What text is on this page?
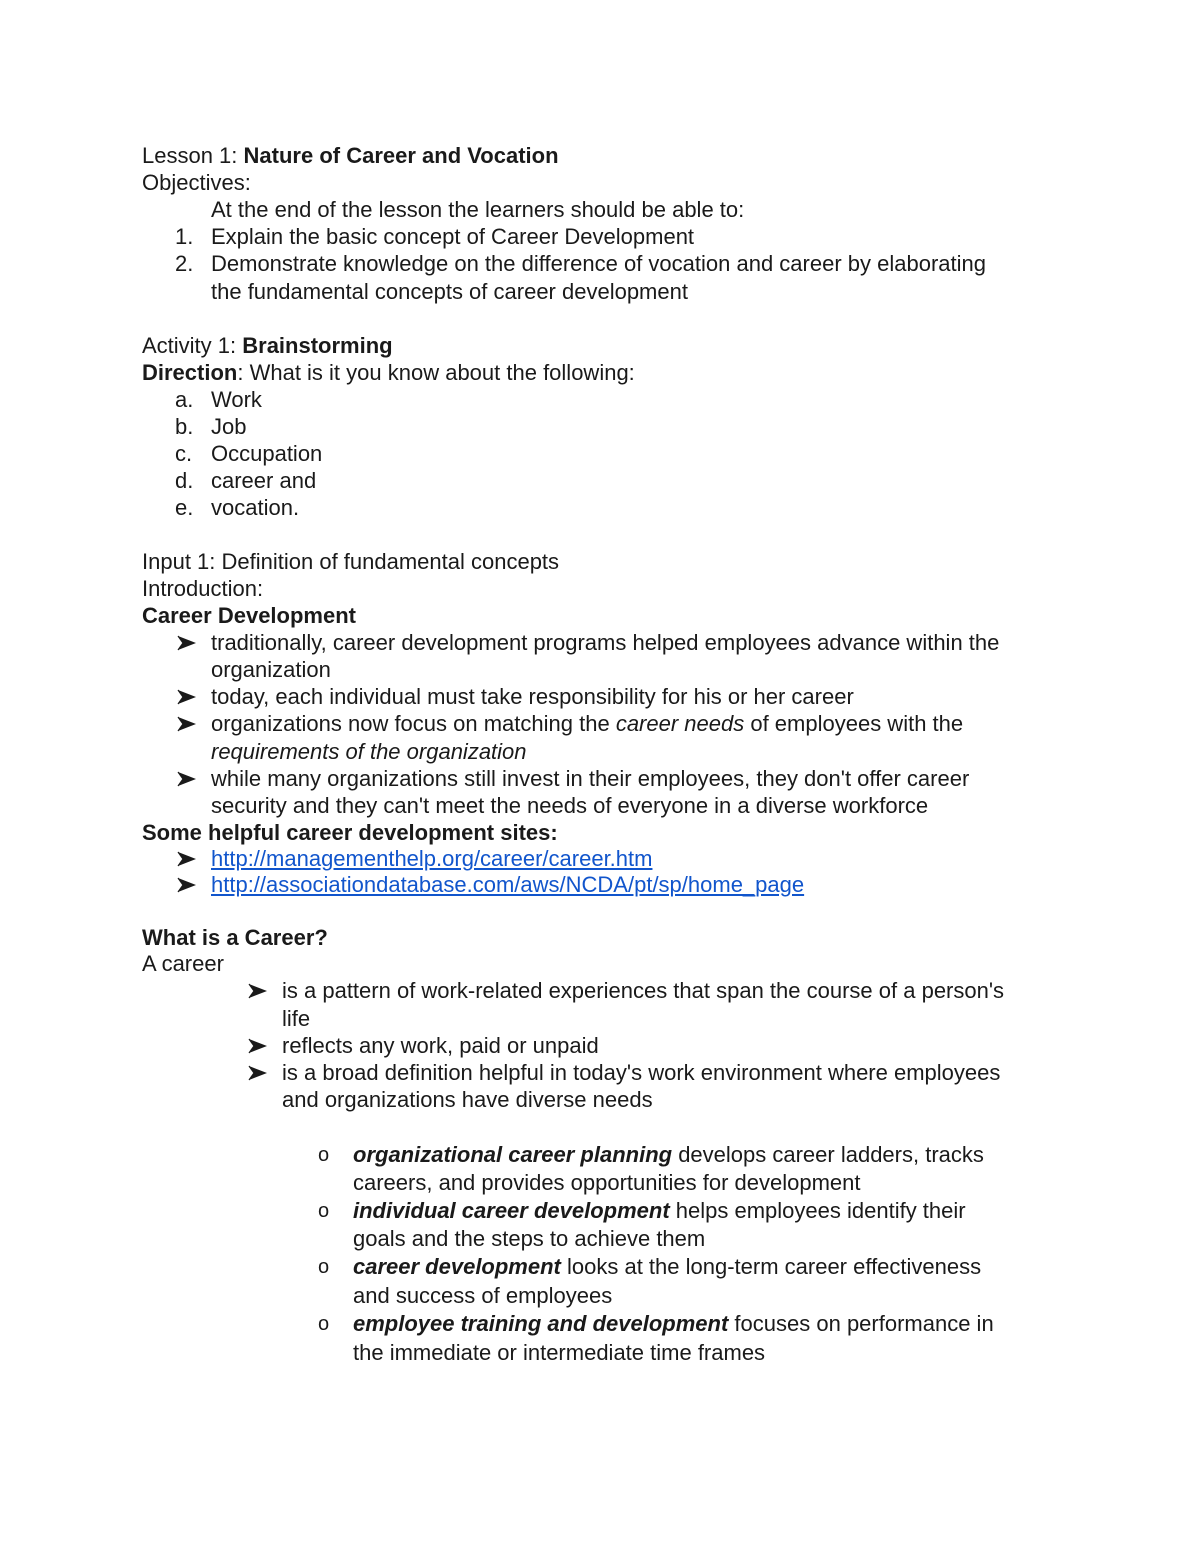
Lesson 1: Nature of Career and Vocation
Objectives:
At the end of the lesson the learners should be able to:
1. Explain the basic concept of Career Development
2. Demonstrate knowledge on the difference of vocation and career by elaborating
the fundamental concepts of career development
Activity 1: Brainstorming
Direction: What is it you know about the following:
a. Work
b. Job
c. Occupation
d. career and
e. vocation.
Input 1: Definition of fundamental concepts
Introduction:
Career Development
traditionally, career development programs helped employees advance within the
organization
today, each individual must take responsibility for his or her career
organizations now focus on matching the career needs of employees with the
requirements of the organization
while many organizations still invest in their employees, they don't offer career
security and they can't meet the needs of everyone in a diverse workforce
Some helpful career development sites:
http://managementhelp.org/career/career.htm
http://associationdatabase.com/aws/NCDA/pt/sp/home_page
What is a Career?
A career
is a pattern of work-related experiences that span the course of a person's
life
reflects any work, paid or unpaid
is a broad definition helpful in today's work environment where employees
and organizations have diverse needs
o organizational career planning develops career ladders, tracks
careers, and provides opportunities for development
o individual career development helps employees identify their
goals and the steps to achieve them
o career development looks at the long-term career effectiveness
and success of employees
o employee training and development focuses on performance in
the immediate or intermediate time frames
